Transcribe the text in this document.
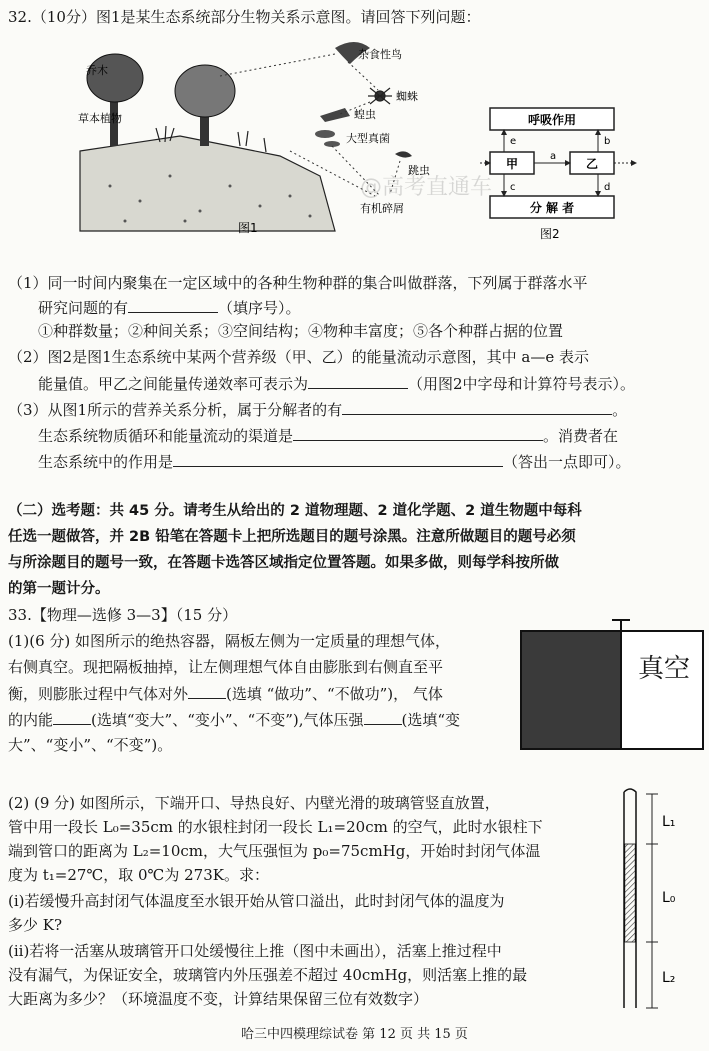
32.（10分）图1是某生态系统部分生物关系示意图。请回答下列问题：
乔木
杂食性鸟
蜘蛛
草本植物	蝗虫
大型真菌
跳虫
有机碎屑
图1
呼吸作用
甲	乙
分 解 者
a
b
c	d
e
图2
（1）同一时间内聚集在一定区域中的各种生物种群的集合叫做群落，下列属于群落水平
研究问题的有	（填序号）。
①种群数量；②种间关系；③空间结构；④物种丰富度；⑤各个种群占据的位置
（2）图2是图1生态系统中某两个营养级（甲、乙）的能量流动示意图，其中 a—e 表示
能量值。甲乙之间能量传递效率可表示为	（用图2中字母和计算符号表示）。
（3）从图1所示的营养关系分析，属于分解者的有	。
生态系统物质循环和能量流动的渠道是	。消费者在
生态系统中的作用是	（答出一点即可）。
（二）选考题：共 45 分。请考生从给出的 2 道物理题、2 道化学题、2 道生物题中每科
任选一题做答，并 2B 铅笔在答题卡上把所选题目的题号涂黑。注意所做题目的题号必须
与所涂题目的题号一致，在答题卡选答区域指定位置答题。如果多做，则每学科按所做
的第一题计分。
33.【物理—选修 3—3】（15 分）
(1)(6 分) 如图所示的绝热容器，隔板左侧为一定质量的理想气体，
右侧真空。现把隔板抽掉，让左侧理想气体自由膨胀到右侧直至平
衡，则膨胀过程中气体对外	(选填 “做功”、“不做功”)， 气体
的内能	(选填“变大”、“变小”、“不变”),气体压强	(选填“变
大”、“变小”、“不变”)。
真空
(2) (9 分) 如图所示，下端开口、导热良好、内壁光滑的玻璃管竖直放置，
管中用一段长 L₀=35cm 的水银柱封闭一段长 L₁=20cm 的空气，此时水银柱下
端到管口的距离为 L₂=10cm，大气压强恒为 p₀=75cmHg，开始时封闭气体温
度为 t₁=27℃，取 0℃为 273K。求：
(i)若缓慢升高封闭气体温度至水银开始从管口溢出，此时封闭气体的温度为
多少 K?
(ii)若将一活塞从玻璃管开口处缓慢往上推（图中未画出），活塞上推过程中
没有漏气，为保证安全，玻璃管内外压强差不超过 40cmHg，则活塞上推的最
大距离为多少？（环境温度不变，计算结果保留三位有效数字）
L₁
L₀
L₂
哈三中四模理综试卷 第 12 页 共 15 页
@高考直通车
